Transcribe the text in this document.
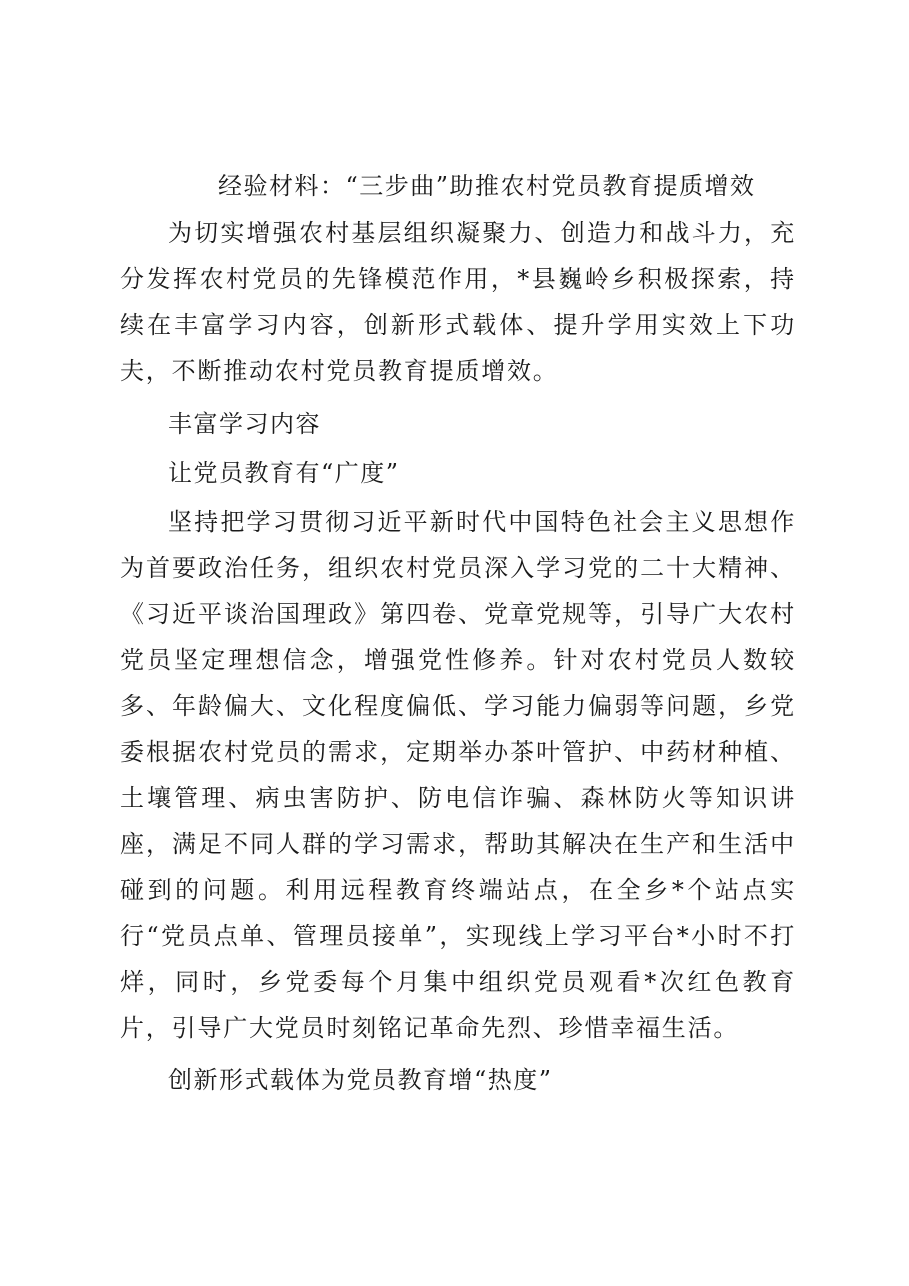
经验材料：“三步曲”助推农村党员教育提质增效

为切实增强农村基层组织凝聚力、创造力和战斗力，充分发挥农村党员的先锋模范作用，*县巍岭乡积极探索，持续在丰富学习内容，创新形式载体、提升学用实效上下功夫，不断推动农村党员教育提质增效。

丰富学习内容
让党员教育有“广度”

坚持把学习贯彻习近平新时代中国特色社会主义思想作为首要政治任务，组织农村党员深入学习党的二十大精神、《习近平谈治国理政》第四卷、党章党规等，引导广大农村党员坚定理想信念，增强党性修养。针对农村党员人数较多、年龄偏大、文化程度偏低、学习能力偏弱等问题，乡党委根据农村党员的需求，定期举办茶叶管护、中药材种植、土壤管理、病虫害防护、防电信诈骗、森林防火等知识讲座，满足不同人群的学习需求，帮助其解决在生产和生活中碰到的问题。利用远程教育终端站点，在全乡*个站点实行“党员点单、管理员接单”，实现线上学习平台*小时不打烊，同时，乡党委每个月集中组织党员观看*次红色教育片，引导广大党员时刻铭记革命先烈、珍惜幸福生活。

创新形式载体为党员教育增“热度”
